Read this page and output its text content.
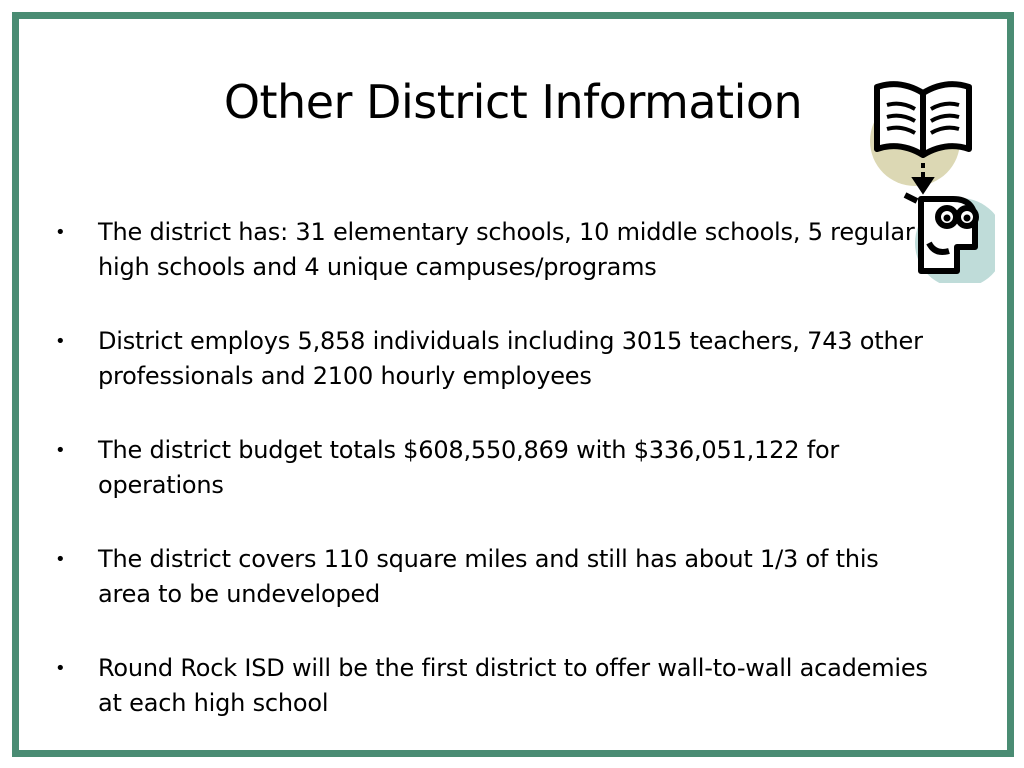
Other District Information
• The district has: 31 elementary schools, 10 middle schools, 5 regular high schools and 4 unique campuses/programs
• District employs 5,858 individuals including 3015 teachers, 743 other professionals and 2100 hourly employees
• The district budget totals $608,550,869 with $336,051,122 for operations
• The district covers 110 square miles and still has about 1/3 of this area to be undeveloped
• Round Rock ISD will be the first district to offer wall-to-wall academies at each high school
